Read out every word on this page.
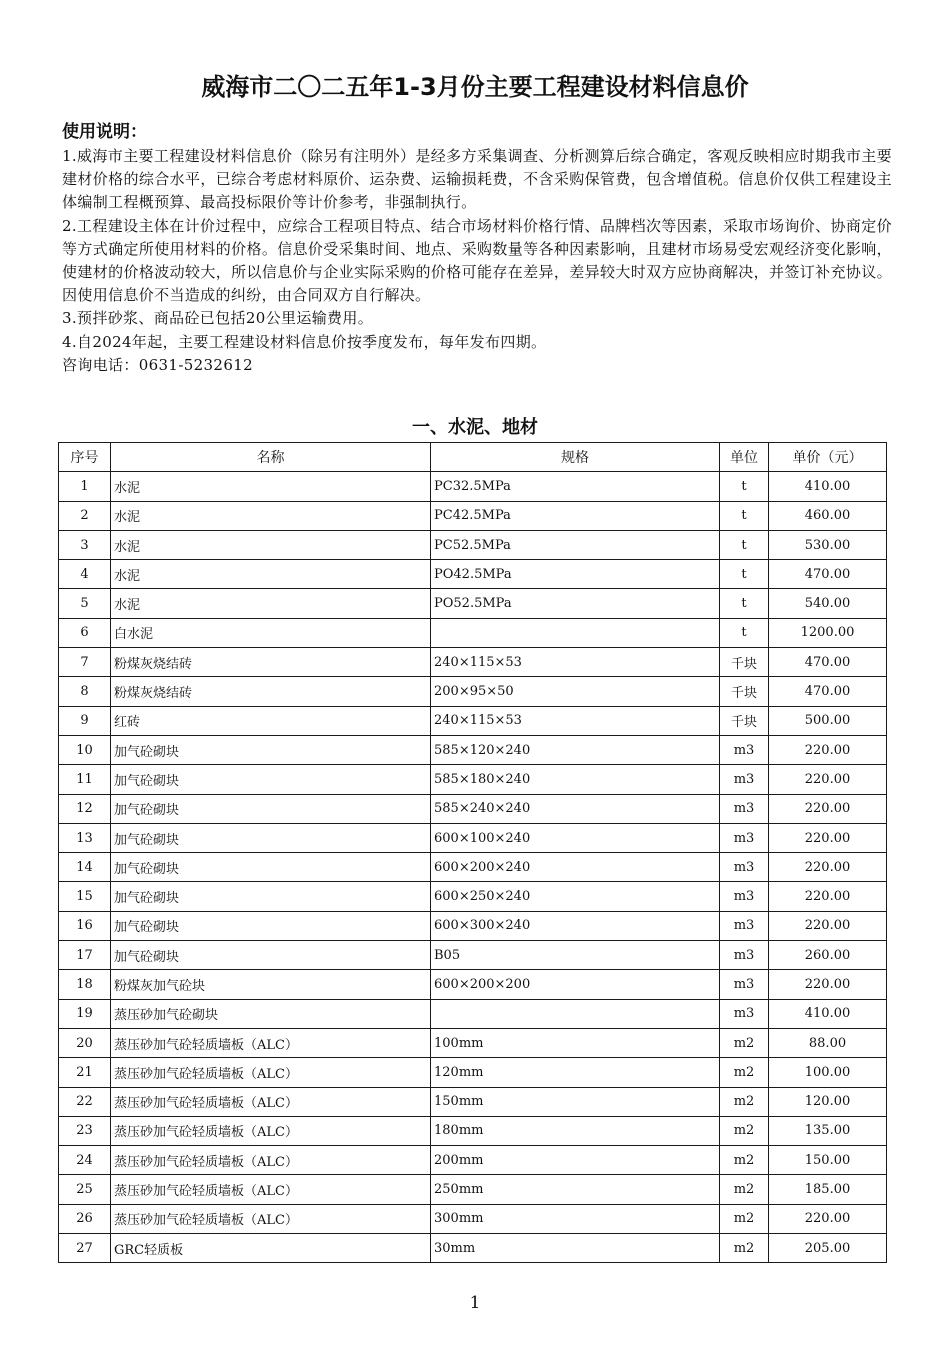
威海市二〇二五年1-3月份主要工程建设材料信息价
使用说明：

1.威海市主要工程建设材料信息价（除另有注明外）是经多方采集调查、分析测算后综合确定，客观反映相应时期我市主要建材价格的综合水平，已综合考虑材料原价、运杂费、运输损耗费，不含采购保管费，包含增值税。信息价仅供工程建设主体编制工程概预算、最高投标限价等计价参考，非强制执行。

2.工程建设主体在计价过程中，应综合工程项目特点、结合市场材料价格行情、品牌档次等因素，采取市场询价、协商定价等方式确定所使用材料的价格。信息价受采集时间、地点、采购数量等各种因素影响，且建材市场易受宏观经济变化影响，使建材的价格波动较大，所以信息价与企业实际采购的价格可能存在差异，差异较大时双方应协商解决，并签订补充协议。因使用信息价不当造成的纠纷，由合同双方自行解决。

3.预拌砂浆、商品砼已包括20公里运输费用。

4.自2024年起，主要工程建设材料信息价按季度发布，每年发布四期。

咨询电话：0631-5232612

一、水泥、地材
序号	名称	规格	单位	单价（元）
1	水泥	PC32.5MPa	t	410.00
2	水泥	PC42.5MPa	t	460.00
3	水泥	PC52.5MPa	t	530.00
4	水泥	PO42.5MPa	t	470.00
5	水泥	PO52.5MPa	t	540.00
6	白水泥		t	1200.00
7	粉煤灰烧结砖	240×115×53	千块	470.00
8	粉煤灰烧结砖	200×95×50	千块	470.00
9	红砖	240×115×53	千块	500.00
10	加气砼砌块	585×120×240	m3	220.00
11	加气砼砌块	585×180×240	m3	220.00
12	加气砼砌块	585×240×240	m3	220.00
13	加气砼砌块	600×100×240	m3	220.00
14	加气砼砌块	600×200×240	m3	220.00
15	加气砼砌块	600×250×240	m3	220.00
16	加气砼砌块	600×300×240	m3	220.00
17	加气砼砌块	B05	m3	260.00
18	粉煤灰加气砼块	600×200×200	m3	220.00
19	蒸压砂加气砼砌块		m3	410.00
20	蒸压砂加气砼轻质墙板（ALC）	100mm	m2	88.00
21	蒸压砂加气砼轻质墙板（ALC）	120mm	m2	100.00
22	蒸压砂加气砼轻质墙板（ALC）	150mm	m2	120.00
23	蒸压砂加气砼轻质墙板（ALC）	180mm	m2	135.00
24	蒸压砂加气砼轻质墙板（ALC）	200mm	m2	150.00
25	蒸压砂加气砼轻质墙板（ALC）	250mm	m2	185.00
26	蒸压砂加气砼轻质墙板（ALC）	300mm	m2	220.00
27	GRC轻质板	30mm	m2	205.00
1
